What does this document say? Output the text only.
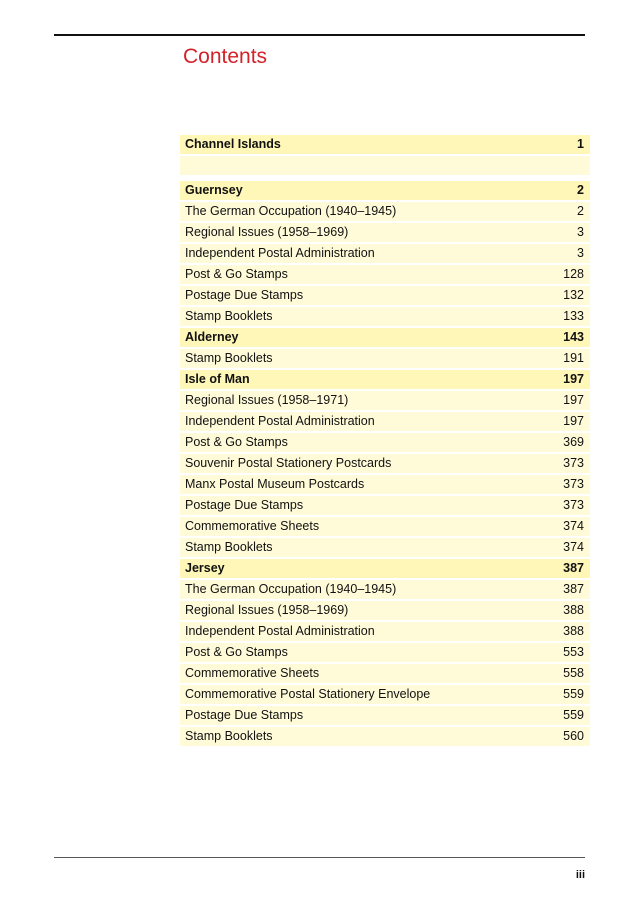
Contents
Channel Islands	1
Guernsey	2
The German Occupation (1940–1945)	2
Regional Issues (1958–1969)	3
Independent Postal Administration	3
Post & Go Stamps	128
Postage Due Stamps	132
Stamp Booklets	133
Alderney	143
Stamp Booklets	191
Isle of Man	197
Regional Issues (1958–1971)	197
Independent Postal Administration	197
Post & Go Stamps	369
Souvenir Postal Stationery Postcards	373
Manx Postal Museum Postcards	373
Postage Due Stamps	373
Commemorative Sheets	374
Stamp Booklets	374
Jersey	387
The German Occupation (1940–1945)	387
Regional Issues (1958–1969)	388
Independent Postal Administration	388
Post & Go Stamps	553
Commemorative Sheets	558
Commemorative Postal Stationery Envelope	559
Postage Due Stamps	559
Stamp Booklets	560
iii
